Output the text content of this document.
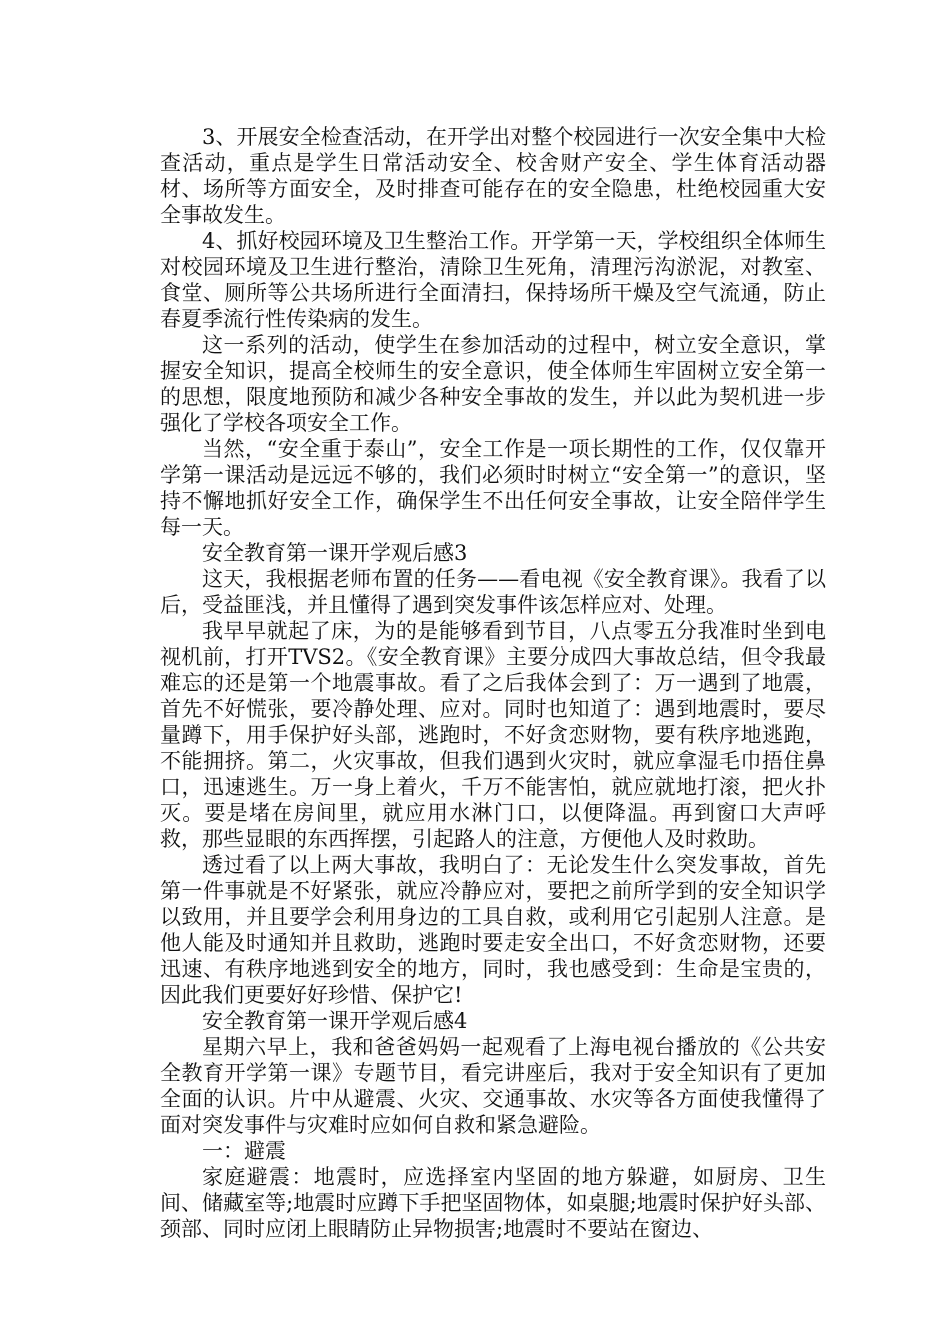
3、开展安全检查活动，在开学出对整个校园进行一次安全集中大检查活动，重点是学生日常活动安全、校舍财产安全、学生体育活动器材、场所等方面安全，及时排查可能存在的安全隐患，杜绝校园重大安全事故发生。

4、抓好校园环境及卫生整治工作。开学第一天，学校组织全体师生对校园环境及卫生进行整治，清除卫生死角，清理污沟淤泥，对教室、食堂、厕所等公共场所进行全面清扫，保持场所干燥及空气流通，防止春夏季流行性传染病的发生。

这一系列的活动，使学生在参加活动的过程中，树立安全意识，掌握安全知识，提高全校师生的安全意识，使全体师生牢固树立安全第一的思想，限度地预防和减少各种安全事故的发生，并以此为契机进一步强化了学校各项安全工作。

当然，“安全重于泰山”，安全工作是一项长期性的工作，仅仅靠开学第一课活动是远远不够的，我们必须时时树立“安全第一”的意识，坚持不懈地抓好安全工作，确保学生不出任何安全事故，让安全陪伴学生每一天。

安全教育第一课开学观后感3

这天，我根据老师布置的任务——看电视《安全教育课》。我看了以后，受益匪浅，并且懂得了遇到突发事件该怎样应对、处理。

我早早就起了床，为的是能够看到节目，八点零五分我准时坐到电视机前，打开TVS2。《安全教育课》主要分成四大事故总结，但令我最难忘的还是第一个地震事故。看了之后我体会到了：万一遇到了地震，首先不好慌张，要冷静处理、应对。同时也知道了：遇到地震时，要尽量蹲下，用手保护好头部，逃跑时，不好贪恋财物，要有秩序地逃跑，不能拥挤。第二，火灾事故，但我们遇到火灾时，就应拿湿毛巾捂住鼻口，迅速逃生。万一身上着火，千万不能害怕，就应就地打滚，把火扑灭。要是堵在房间里，就应用水淋门口，以便降温。再到窗口大声呼救，那些显眼的东西挥摆，引起路人的注意，方便他人及时救助。

透过看了以上两大事故，我明白了：无论发生什么突发事故，首先第一件事就是不好紧张，就应冷静应对，要把之前所学到的安全知识学以致用，并且要学会利用身边的工具自救，或利用它引起别人注意。是他人能及时通知并且救助，逃跑时要走安全出口，不好贪恋财物，还要迅速、有秩序地逃到安全的地方，同时，我也感受到：生命是宝贵的，因此我们更要好好珍惜、保护它!

安全教育第一课开学观后感4

星期六早上，我和爸爸妈妈一起观看了上海电视台播放的《公共安全教育开学第一课》专题节目，看完讲座后，我对于安全知识有了更加全面的认识。片中从避震、火灾、交通事故、水灾等各方面使我懂得了面对突发事件与灾难时应如何自救和紧急避险。

一：避震

家庭避震：地震时，应选择室内坚固的地方躲避，如厨房、卫生间、储藏室等;地震时应蹲下手把坚固物体，如桌腿;地震时保护好头部、颈部、同时应闭上眼睛防止异物损害;地震时不要站在窗边、
